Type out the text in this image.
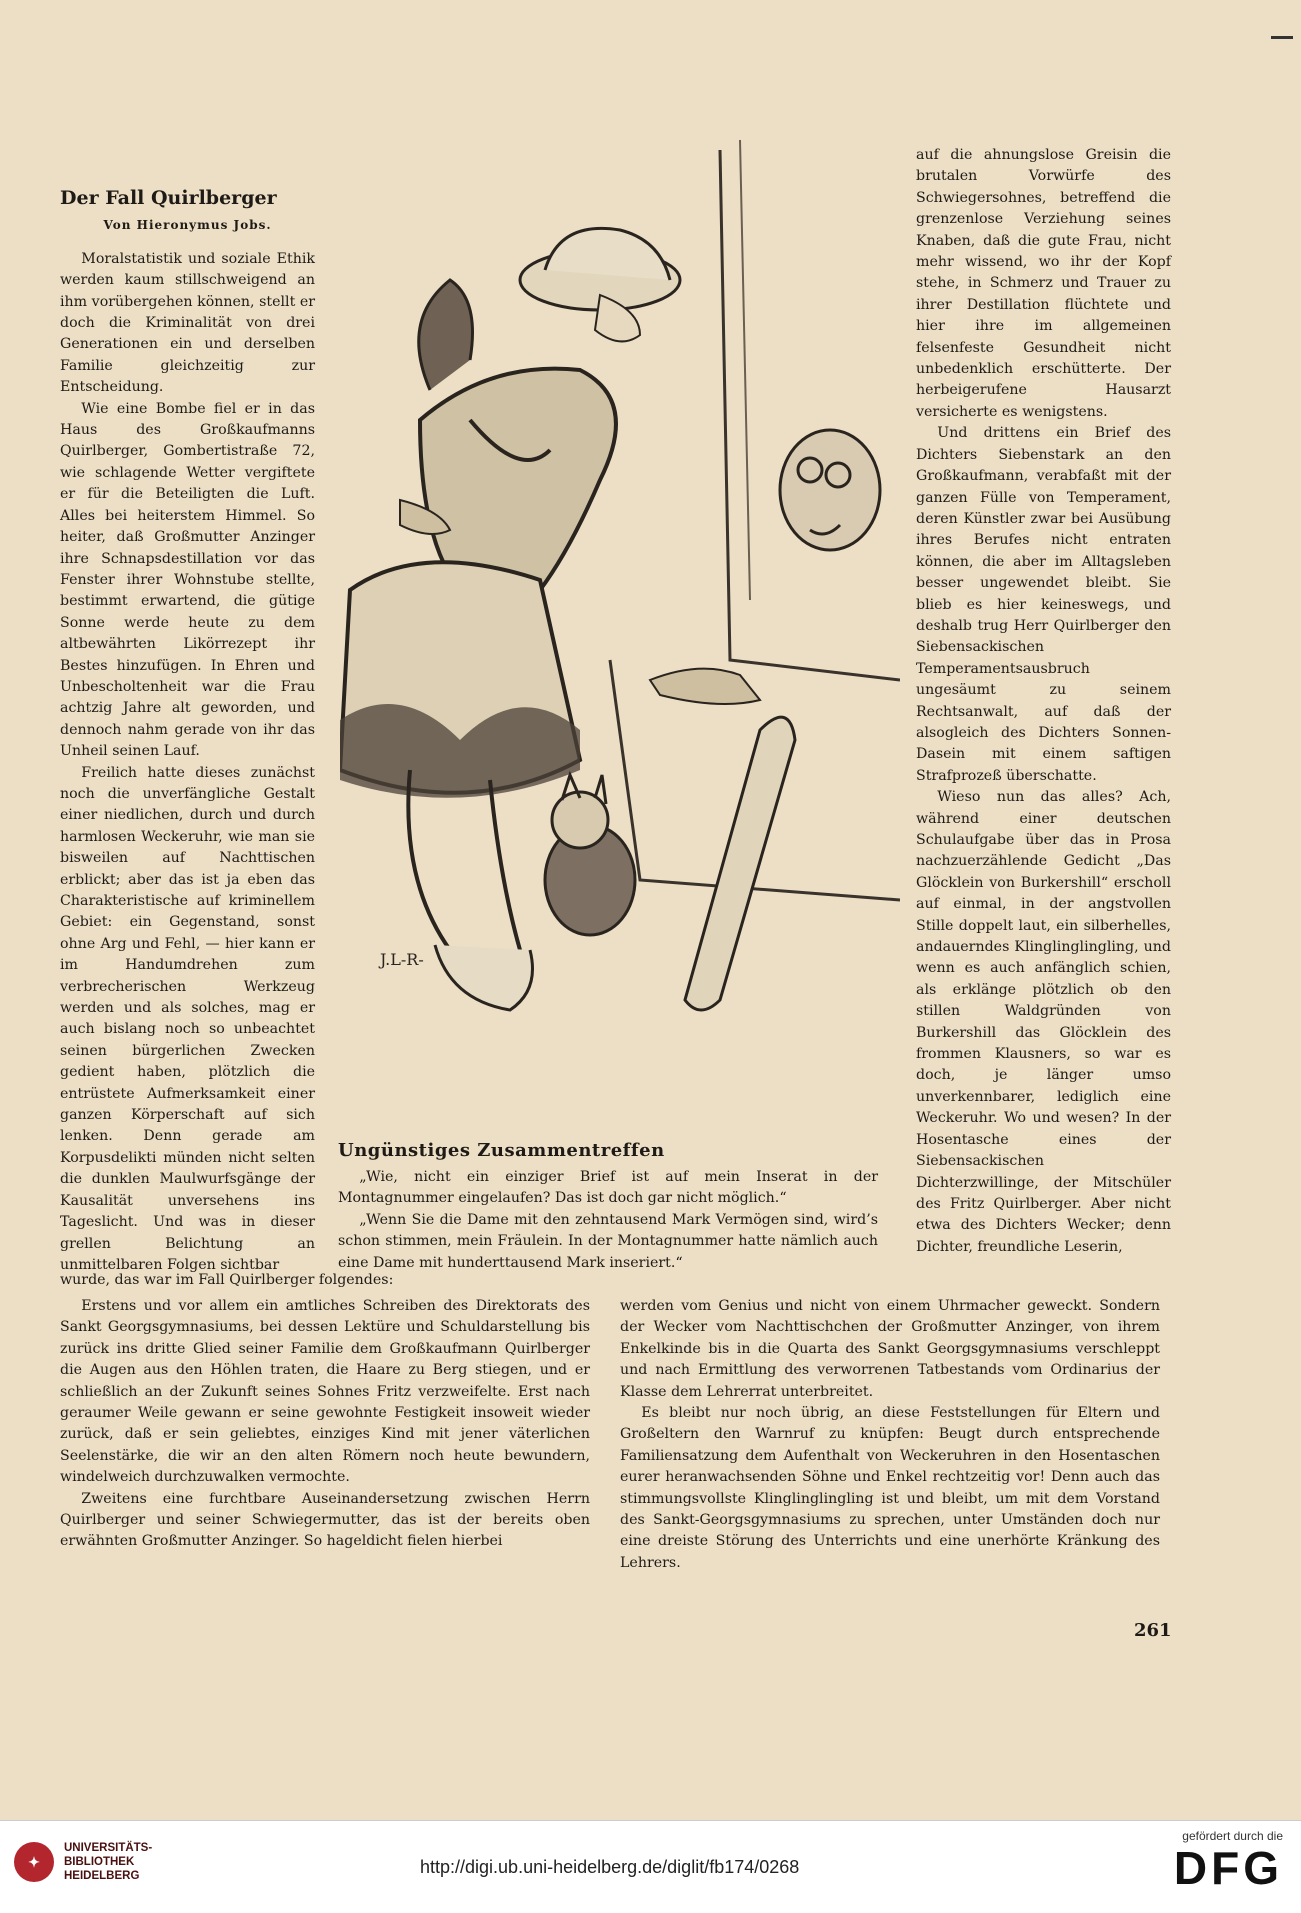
Der Fall Quirlberger
Von Hieronymus Jobs.

Moralstatistik und soziale Ethik werden kaum stillschweigend an ihm vorübergehen können, stellt er doch die Kriminalität von drei Generationen ein und derselben Familie gleichzeitig zur Entscheidung.

Wie eine Bombe fiel er in das Haus des Großkaufmanns Quirlberger, Gombertistraße 72, wie schlagende Wetter vergiftete er für die Beteiligten die Luft. Alles bei heiterstem Himmel. So heiter, daß Großmutter Anzinger ihre Schnapsdestillation vor das Fenster ihrer Wohnstube stellte, bestimmt erwartend, die gütige Sonne werde heute zu dem altbewährten Likörrezept ihr Bestes hinzufügen. In Ehren und Unbescholtenheit war die Frau achtzig Jahre alt geworden, und dennoch nahm gerade von ihr das Unheil seinen Lauf.

Freilich hatte dieses zunächst noch die unverfängliche Gestalt einer niedlichen, durch und durch harmlosen Weckeruhr, wie man sie bisweilen auf Nachttischen erblickt; aber das ist ja eben das Charakteristische auf kriminellem Gebiet: ein Gegenstand, sonst ohne Arg und Fehl, — hier kann er im Handumdrehen zum verbrecherischen Werkzeug werden und als solches, mag er auch bislang noch so unbeachtet seinen bürgerlichen Zwecken gedient haben, plötzlich die entrüstete Aufmerksamkeit einer ganzen Körperschaft auf sich lenken. Denn gerade am Korpusdelikti münden nicht selten die dunklen Maulwurfsgänge der Kausalität unversehens ins Tageslicht. Und was in dieser grellen Belichtung an unmittelbaren Folgen sichtbar

wurde, das war im Fall Quirlberger folgendes:

auf die ahnungslose Greisin die brutalen Vorwürfe des Schwiegersohnes, betreffend die grenzenlose Verziehung seines Knaben, daß die gute Frau, nicht mehr wissend, wo ihr der Kopf stehe, in Schmerz und Trauer zu ihrer Destillation flüchtete und hier ihre im allgemeinen felsenfeste Gesundheit nicht unbedenklich erschütterte. Der herbeigerufene Hausarzt versicherte es wenigstens.

Und drittens ein Brief des Dichters Siebenstark an den Großkaufmann, verabfaßt mit der ganzen Fülle von Temperament, deren Künstler zwar bei Ausübung ihres Berufes nicht entraten können, die aber im Alltagsleben besser ungewendet bleibt. Sie blieb es hier keineswegs, und deshalb trug Herr Quirlberger den Siebensackischen Temperamentsausbruch ungesäumt zu seinem Rechtsanwalt, auf daß der alsogleich des Dichters Sonnen-Dasein mit einem saftigen Strafprozeß überschatte.

Wieso nun das alles? Ach, während einer deutschen Schulaufgabe über das in Prosa nachzuerzählende Gedicht „Das Glöcklein von Burkershill“ erscholl auf einmal, in der angstvollen Stille doppelt laut, ein silberhelles, andauerndes Klinglinglingling, und wenn es auch anfänglich schien, als erklänge plötzlich ob den stillen Waldgründen von Burkershill das Glöcklein des frommen Klausners, so war es doch, je länger umso unverkennbarer, lediglich eine Weckeruhr. Wo und wesen? In der Hosentasche eines der Siebensackischen Dichterzwillinge, der Mitschüler des Fritz Quirlberger. Aber nicht etwa des Dichters Wecker; denn Dichter, freundliche Leserin,

J.L-R-
Ungünstiges Zusammentreffen

„Wie, nicht ein einziger Brief ist auf mein Inserat in der Montagnummer eingelaufen? Das ist doch gar nicht möglich.“

„Wenn Sie die Dame mit den zehntausend Mark Vermögen sind, wird’s schon stimmen, mein Fräulein. In der Montagnummer hatte nämlich auch eine Dame mit hunderttausend Mark inseriert.“

Erstens und vor allem ein amtliches Schreiben des Direktorats des Sankt Georgsgymnasiums, bei dessen Lektüre und Schuldarstellung bis zurück ins dritte Glied seiner Familie dem Großkaufmann Quirlberger die Augen aus den Höhlen traten, die Haare zu Berg stiegen, und er schließlich an der Zukunft seines Sohnes Fritz verzweifelte. Erst nach geraumer Weile gewann er seine gewohnte Festigkeit insoweit wieder zurück, daß er sein geliebtes, einziges Kind mit jener väterlichen Seelenstärke, die wir an den alten Römern noch heute bewundern, windelweich durchzuwalken vermochte.

Zweitens eine furchtbare Auseinandersetzung zwischen Herrn Quirlberger und seiner Schwiegermutter, das ist der bereits oben erwähnten Großmutter Anzinger. So hageldicht fielen hierbei

werden vom Genius und nicht von einem Uhrmacher geweckt. Sondern der Wecker vom Nachttischchen der Großmutter Anzinger, von ihrem Enkelkinde bis in die Quarta des Sankt Georgsgymnasiums verschleppt und nach Ermittlung des verworrenen Tatbestands vom Ordinarius der Klasse dem Lehrerrat unterbreitet.

Es bleibt nur noch übrig, an diese Feststellungen für Eltern und Großeltern den Warnruf zu knüpfen: Beugt durch entsprechende Familiensatzung dem Aufenthalt von Weckeruhren in den Hosentaschen eurer heranwachsenden Söhne und Enkel rechtzeitig vor! Denn auch das stimmungsvollste Klinglinglingling ist und bleibt, um mit dem Vorstand des Sankt-Georgsgymnasiums zu sprechen, unter Umständen doch nur eine dreiste Störung des Unterrichts und eine unerhörte Kränkung des Lehrers.

261
✦
UNIVERSITÄTS-
BIBLIOTHEK
HEIDELBERG	http://digi.ub.uni-heidelberg.de/diglit/fb174/0268
gefördert durch die
DFG
